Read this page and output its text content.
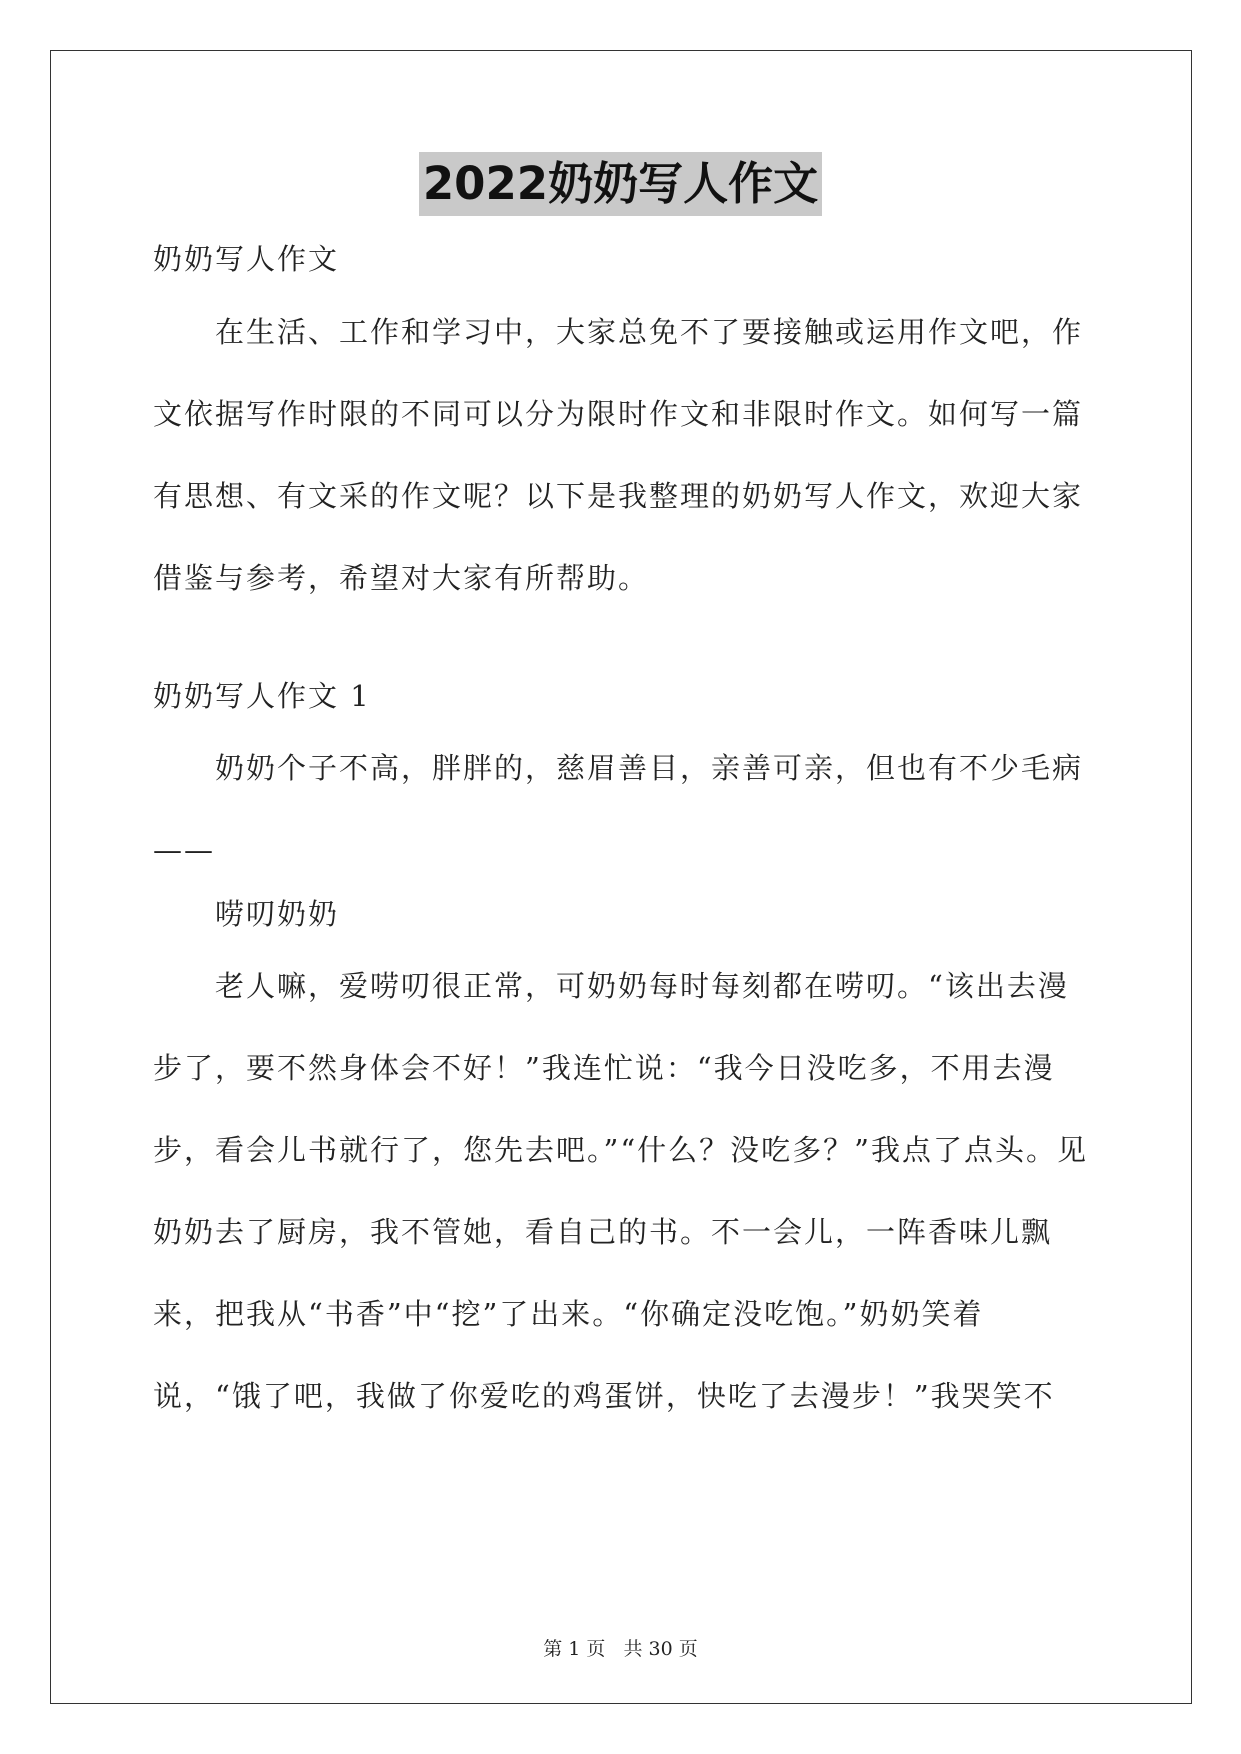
2022奶奶写人作文

奶奶写人作文

在生活、工作和学习中，大家总免不了要接触或运用作文吧，作文依据写作时限的不同可以分为限时作文和非限时作文。如何写一篇有思想、有文采的作文呢？以下是我整理的奶奶写人作文，欢迎大家借鉴与参考，希望对大家有所帮助。

奶奶写人作文 1

奶奶个子不高，胖胖的，慈眉善目，亲善可亲，但也有不少毛病——

唠叨奶奶

老人嘛，爱唠叨很正常，可奶奶每时每刻都在唠叨。“该出去漫步了，要不然身体会不好！”我连忙说：“我今日没吃多，不用去漫步，看会儿书就行了，您先去吧。”“什么？没吃多？”我点了点头。见奶奶去了厨房，我不管她，看自己的书。不一会儿，一阵香味儿飘来，把我从“书香”中“挖”了出来。“你确定没吃饱。”奶奶笑着说，“饿了吧，我做了你爱吃的鸡蛋饼，快吃了去漫步！”我哭笑不

第 1 页 共 30 页
